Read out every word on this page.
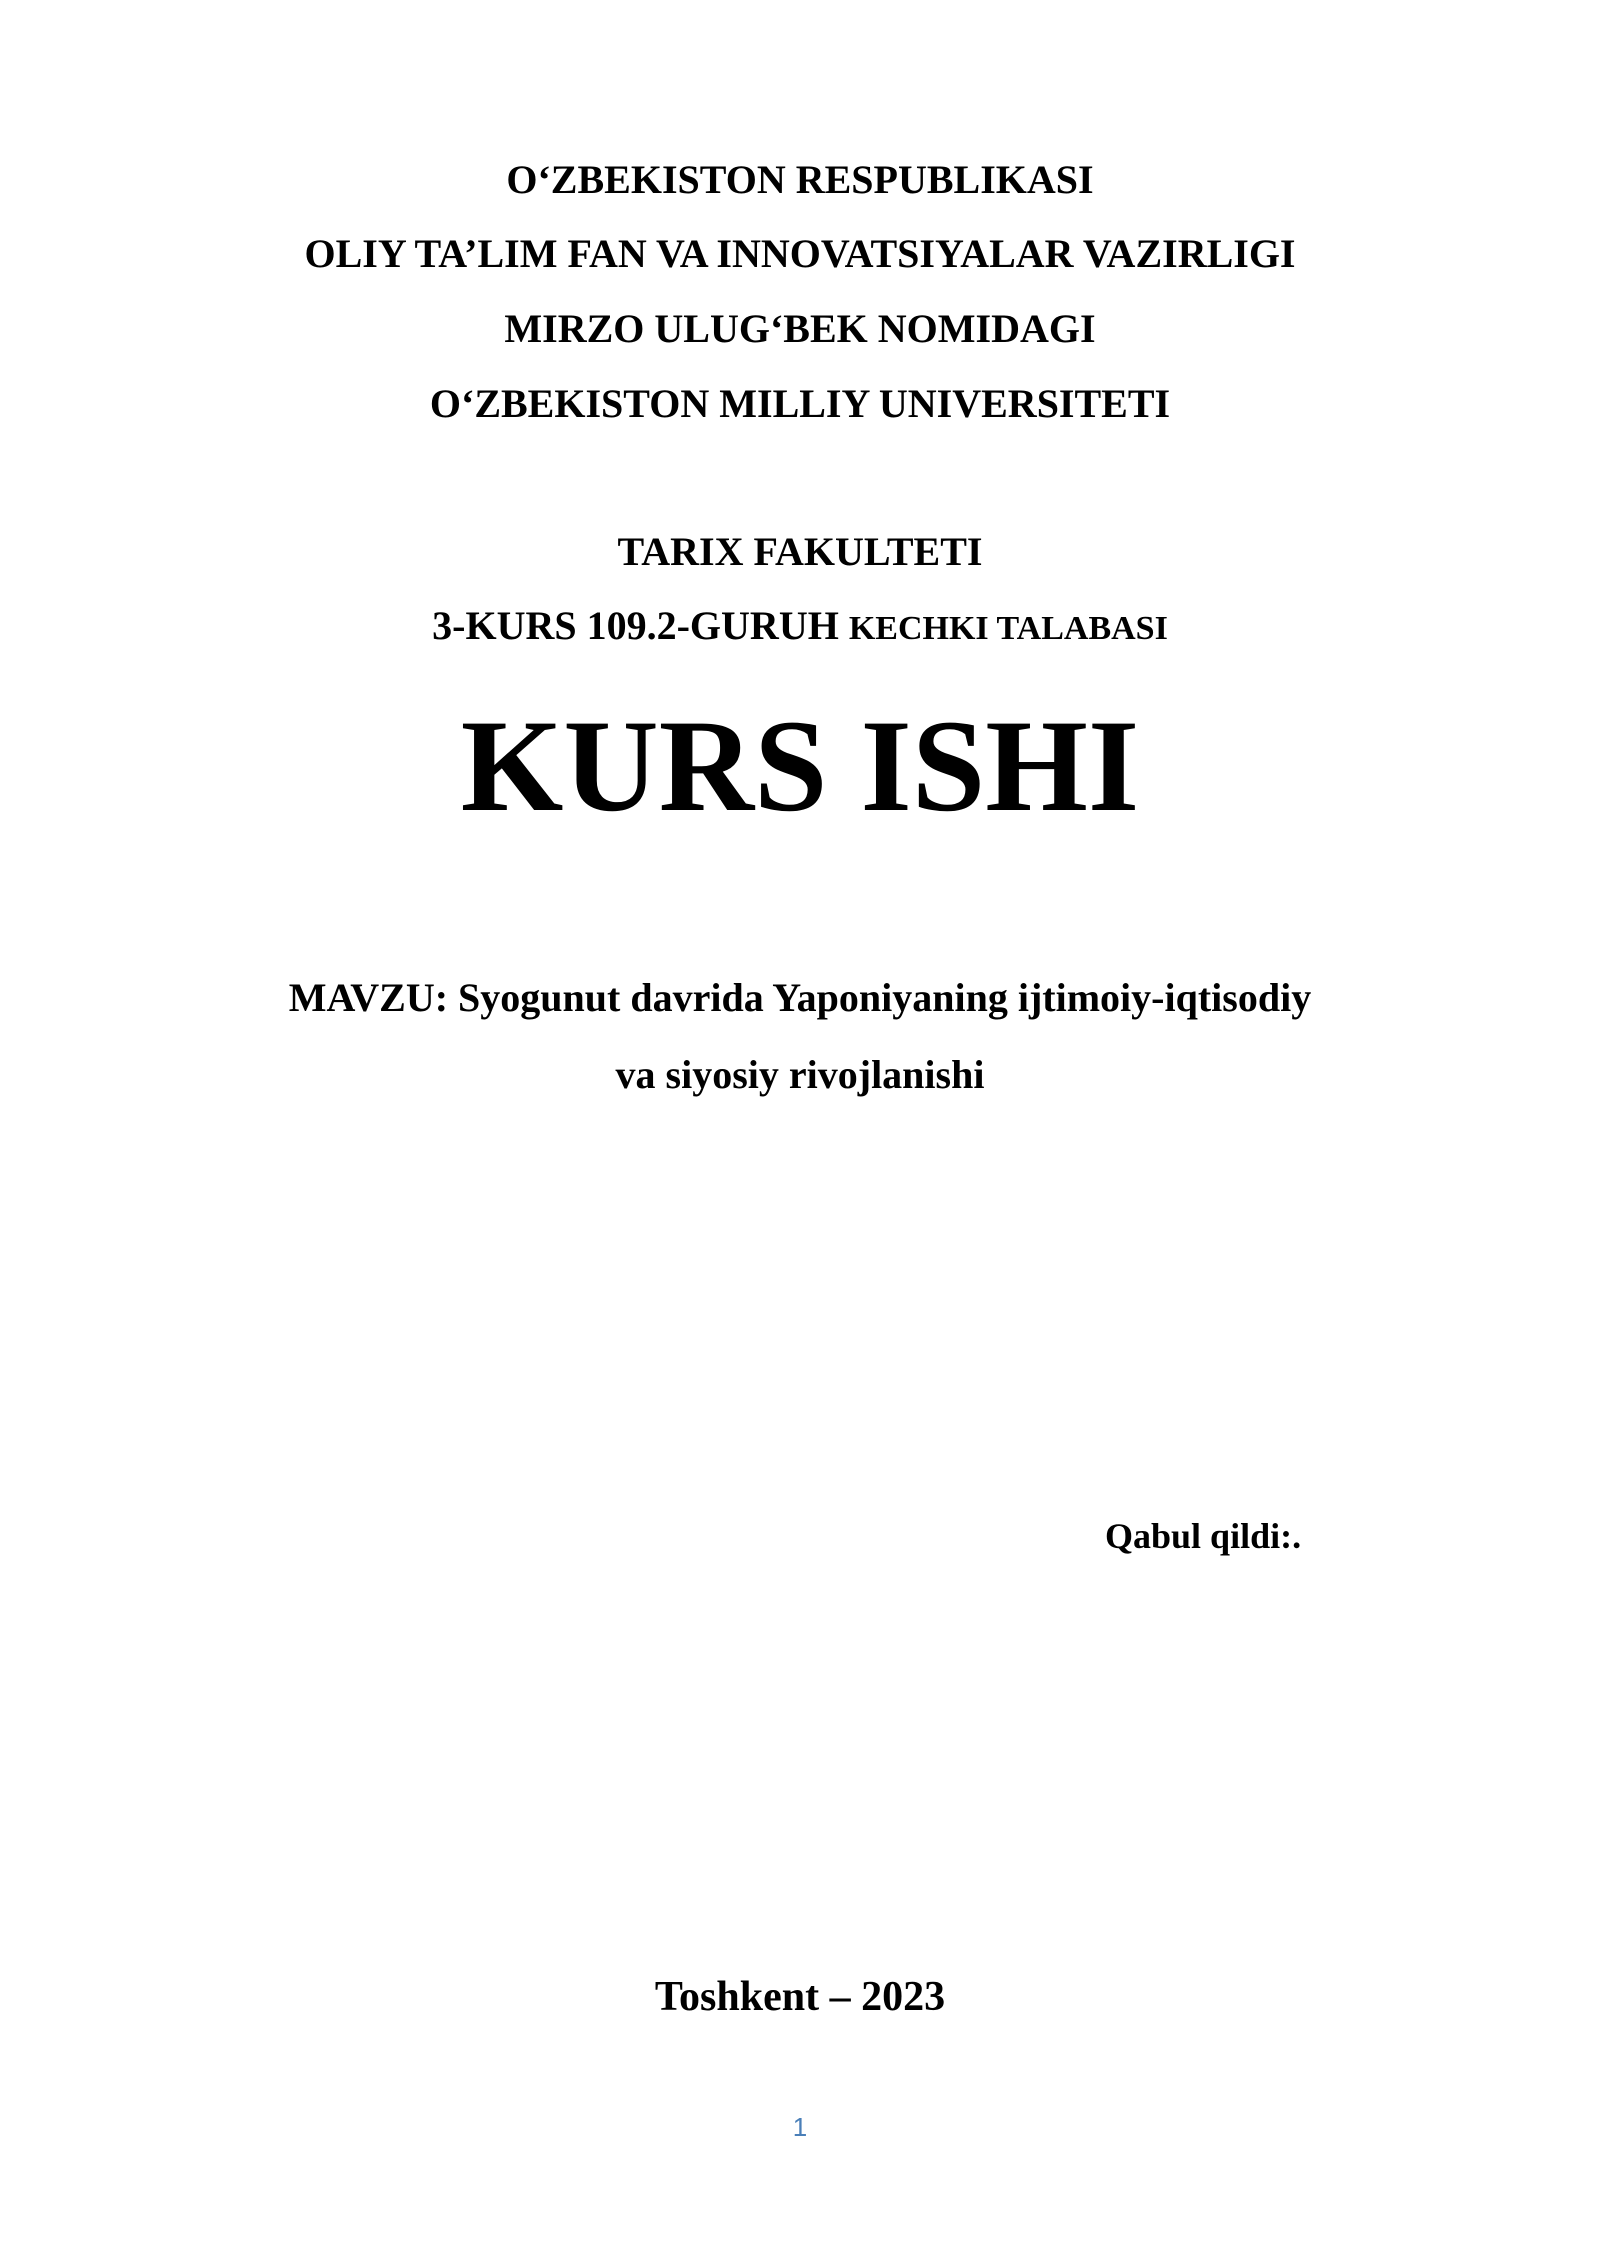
O‘ZBEKISTON RESPUBLIKASI

OLIY TA’LIM FAN VA INNOVATSIYALAR VAZIRLIGI

MIRZO ULUG‘BEK NOMIDAGI

O‘ZBEKISTON MILLIY UNIVERSITETI

TARIX FAKULTETI

3-KURS 109.2-GURUH KECHKI TALABASI

KURS ISHI

MAVZU: Syogunut davrida Yaponiyaning ijtimoiy-iqtisodiy

va siyosiy rivojlanishi

Qabul qildi:.

Toshkent – 2023

1
